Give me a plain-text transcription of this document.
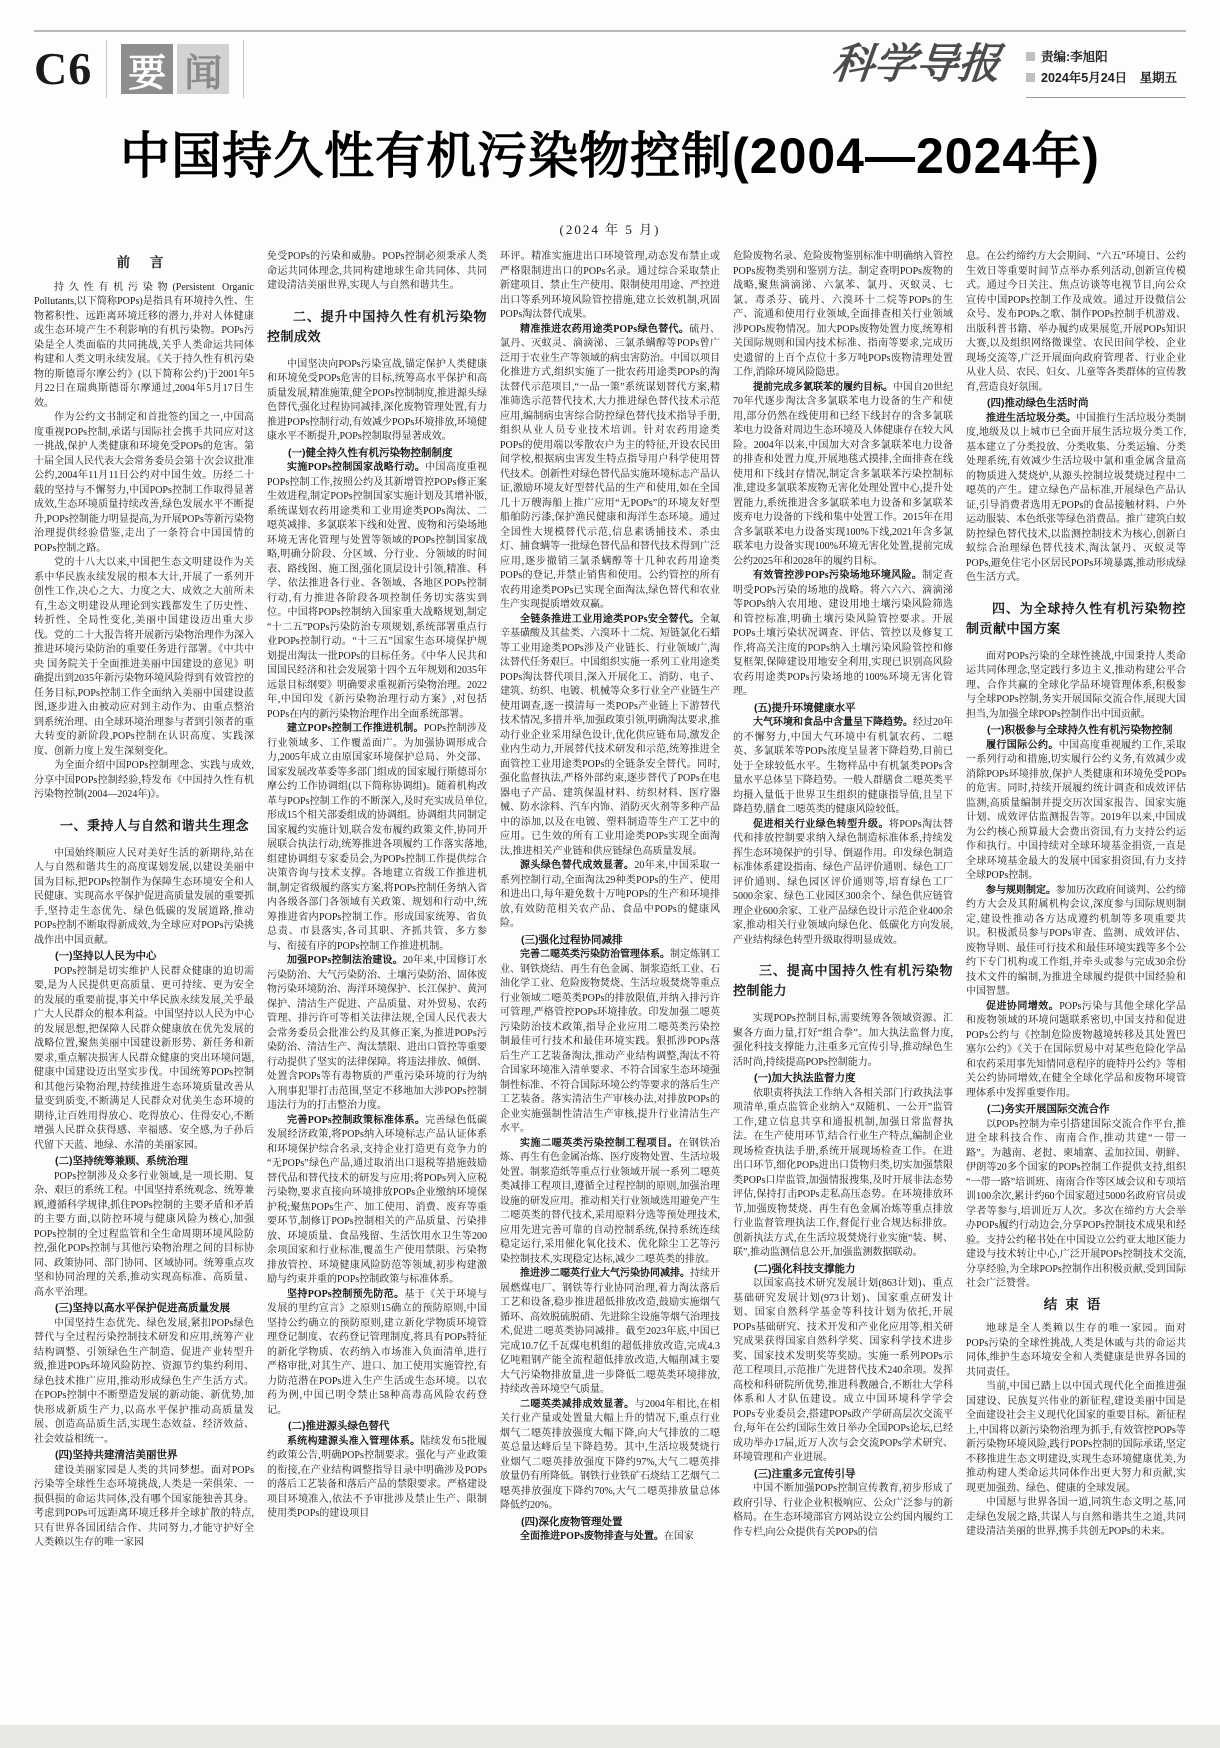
C6 要 闻	科学导报	责编:李旭阳
2024年5月24日　星期五
中国持久性有机污染物控制(2004—2024年)
(2024 年 5 月)
前 言

持久性有机污染物(Persistent Organic Pollutants,以下简称POPs)是指具有环境持久性、生物蓄积性、远距离环境迁移的潜力,并对人体健康或生态环境产生不利影响的有机污染物。POPs污染是全人类面临的共同挑战,关乎人类命运共同体构建和人类文明永续发展。《关于持久性有机污染物的斯德哥尔摩公约》(以下简称公约)于2001年5月22日在瑞典斯德哥尔摩通过,2004年5月17日生效。

作为公约文书制定和首批签约国之一,中国高度重视POPs控制,承诺与国际社会携手共同应对这一挑战,保护人类健康和环境免受POPs的危害。第十届全国人民代表大会常务委员会第十次会议批准公约,2004年11月11日公约对中国生效。历经二十载的坚持与不懈努力,中国POPs控制工作取得显著成效,生态环境质量持续改善,绿色发展水平不断提升,POPs控制能力明显提高,为开展POPs等新污染物治理提供经验借鉴,走出了一条符合中国国情的POPs控制之路。

党的十八大以来,中国把生态文明建设作为关系中华民族永续发展的根本大计,开展了一系列开创性工作,决心之大、力度之大、成效之大前所未有,生态文明建设从理论到实践都发生了历史性、转折性、全局性变化,美丽中国建设迈出重大步伐。党的二十大报告将开展新污染物治理作为深入推进环境污染防治的重要任务进行部署。《中共中央 国务院关于全面推进美丽中国建设的意见》明确提出到2035年新污染物环境风险得到有效管控的任务目标,POPs控制工作全面纳入美丽中国建设蓝图,逐步进入由被动应对到主动作为、由重点整治到系统治理、由全球环境治理参与者到引领者的重大转变的新阶段,POPs控制在认识高度、实践深度、创新力度上发生深刻变化。

为全面介绍中国POPs控制理念、实践与成效,分享中国POPs控制经验,特发布《中国持久性有机污染物控制(2004—2024年)》。

一、秉持人与自然和谐共生理念

中国始终顺应人民对美好生活的新期待,站在人与自然和谐共生的高度谋划发展,以建设美丽中国为目标,把POPs控制作为保障生态环境安全和人民健康、实现高水平保护促进高质量发展的重要抓手,坚持走生态优先、绿色低碳的发展道路,推动POPs控制不断取得新成效,为全球应对POPs污染挑战作出中国贡献。

(一)坚持以人民为中心

POPs控制是切实维护人民群众健康的迫切需要,是为人民提供更高质量、更可持续、更为安全的发展的重要前提,事关中华民族永续发展,关乎最广大人民群众的根本利益。中国坚持以人民为中心的发展思想,把保障人民群众健康放在优先发展的战略位置,聚焦美丽中国建设新形势、新任务和新要求,重点解决损害人民群众健康的突出环境问题,健康中国建设迈出坚实步伐。中国统筹POPs控制和其他污染物治理,持续推进生态环境质量改善从量变到质变,不断满足人民群众对优美生态环境的期待,让百姓用得放心、吃得放心、住得安心,不断增强人民群众获得感、幸福感、安全感,为子孙后代留下天蓝、地绿、水清的美丽家园。

(二)坚持统筹兼顾、系统治理

POPs控制涉及众多行业领域,是一项长期、复杂、艰巨的系统工程。中国坚持系统观念、统筹兼顾,遵循科学规律,抓住POPs控制的主要矛盾和矛盾的主要方面,以防控环境与健康风险为核心,加强POPs控制的全过程监管和全生命周期环境风险防控,强化POPs控制与其他污染物治理之间的目标协同、政策协同、部门协同、区域协同。统筹重点攻坚和协同治理的关系,推动实现高标准、高质量、高水平治理。

(三)坚持以高水平保护促进高质量发展

中国坚持生态优先、绿色发展,紧扣POPs绿色替代与全过程污染控制技术研发和应用,统筹产业结构调整、引领绿色生产制造、促进产业转型升级,推进POPs环境风险防控、资源节约集约利用、绿色技术推广应用,推动形成绿色生产生活方式。在POPs控制中不断塑造发展的新动能、新优势,加快形成新质生产力,以高水平保护推动高质量发展、创造高品质生活,实现生态效益、经济效益、社会效益相统一。

(四)坚持共建清洁美丽世界

建设美丽家园是人类的共同梦想。面对POPs污染等全球性生态环境挑战,人类是一荣俱荣、一损俱损的命运共同体,没有哪个国家能独善其身。考虑到POPs可远距离环境迁移并全球扩散的特点,只有世界各国团结合作、共同努力,才能守护好全人类赖以生存的唯一家园

免受POPs的污染和威胁。POPs控制必须秉承人类命运共同体理念,共同构建地球生命共同体、共同建设清洁美丽世界,实现人与自然和谐共生。

二、提升中国持久性有机污染物控制成效

中国坚决向POPs污染宣战,锚定保护人类健康和环境免受POPs危害的目标,统筹高水平保护和高质量发展,精准施策,健全POPs控制制度,推进源头绿色替代,强化过程协同减排,深化废物管理处置,有力推进POPs控制行动,有效减少POPs环境排放,环境健康水平不断提升,POPs控制取得显著成效。

(一)健全持久性有机污染物控制制度

实施POPs控制国家战略行动。中国高度重视POPs控制工作,按照公约及其新增管控POPs修正案生效进程,制定POPs控制国家实施计划及其增补版,系统谋划农药用途类和工业用途类POPs淘汰、二噁英减排、多氯联苯下线和处置、废物和污染场地环境无害化管理与处置等领域的POPs控制国家战略,明确分阶段、分区域、分行业、分领域的时间表、路线图、施工图,强化顶层设计引领,精准、科学、依法推进各行业、各领域、各地区POPs控制行动,有力推进各阶段各项控制任务切实落实到位。中国将POPs控制纳入国家重大战略规划,制定“十二五”POPs污染防治专项规划,系统部署重点行业POPs控制行动。“十三五”国家生态环境保护规划提出淘汰一批POPs的目标任务。《中华人民共和国国民经济和社会发展第十四个五年规划和2035年远景目标纲要》明确要求重视新污染物治理。2022年,中国印发《新污染物治理行动方案》,对包括POPs在内的新污染物治理作出全面系统部署。

建立POPs控制工作推进机制。POPs控制涉及行业领域多、工作覆盖面广。为加强协调形成合力,2005年成立由原国家环境保护总局、外交部、国家发展改革委等多部门组成的国家履行斯德哥尔摩公约工作协调组(以下简称协调组)。随着机构改革与POPs控制工作的不断深入,及时充实成员单位,形成15个相关部委组成的协调组。协调组共同制定国家履约实施计划,联合发布履约政策文件,协同开展联合执法行动,统筹推进各项履约工作落实落地,组建协调组专家委员会,为POPs控制工作提供综合决策咨询与技术支撑。各地建立省级工作推进机制,制定省级履约落实方案,将POPs控制任务纳入省内各级各部门各领域有关政策、规划和行动中,统筹推进省内POPs控制工作。形成国家统筹、省负总责、市县落实,各司其职、齐抓共管、多方参与、衔接有序的POPs控制工作推进机制。

加强POPs控制法治建设。20年来,中国修订水污染防治、大气污染防治、土壤污染防治、固体废物污染环境防治、海洋环境保护、长江保护、黄河保护、清洁生产促进、产品质量、对外贸易、农药管理、排污许可等相关法律法规,全国人民代表大会常务委员会批准公约及其修正案,为推进POPs污染防治、清洁生产、淘汰禁限、进出口管控等重要行动提供了坚实的法律保障。将违法排放、倾倒、处置含POPs等有毒物质的严重污染环境的行为纳入刑事犯罪打击范围,坚定不移地加大涉POPs控制违法行为的打击整治力度。

完善POPs控制政策标准体系。完善绿色低碳发展经济政策,将POPs纳入环境标志产品认证体系和环境保护综合名录,支持企业打造更有竞争力的“无POPs”绿色产品,通过取消出口退税等措施鼓励替代品和替代技术的研发与应用;将POPs列入应税污染物,要求直接向环境排放POPs企业缴纳环境保护税;聚焦POPs生产、加工使用、消费、废弃等重要环节,制修订POPs控制相关的产品质量、污染排放、环境质量、食品残留、生活饮用水卫生等200余项国家和行业标准,覆盖生产使用禁限、污染物排放管控、环境健康风险防范等领域,初步构建激励与约束并重的POPs控制政策与标准体系。

坚持POPs控制预先防范。基于《关于环境与发展的里约宣言》之原则15确立的预防原则,中国坚持公约确立的预防原则,建立新化学物质环境管理登记制度、农药登记管理制度,将具有POPs特征的新化学物质、农药纳入市场准入负面清单,进行严格审批,对其生产、进口、加工使用实施管控,有力防范潜在POPs进入生产生活或生态环境。以农药为例,中国已明令禁止58种高毒高风险农药登记。

(二)推进源头绿色替代

系统构建源头准入管理体系。陆续发布5批履约政策公告,明确POPs控制要求。强化与产业政策的衔接,在产业结构调整指导目录中明确涉及POPs的落后工艺装备和落后产品的禁限要求。严格建设项目环境准入,依法不予审批涉及禁止生产、限制使用类POPs的建设项目

环评。精准实施进出口环境管理,动态发布禁止或严格限制进出口的POPs名录。通过综合采取禁止新建项目、禁止生产使用、限制使用用途、严控进出口等系列环境风险管控措施,建立长效机制,巩固POPs淘汰替代成果。

精准推进农药用途类POPs绿色替代。硫丹、氯丹、灭蚁灵、滴滴涕、三氯杀螨醇等POPs曾广泛用于农业生产等领域的病虫害防治。中国以项目化推进方式,组织实施了一批农药用途类POPs的淘汰替代示范项目,“一品一策”系统谋划替代方案,精准筛选示范替代技术,大力推进绿色替代技术示范应用,编制病虫害综合防控绿色替代技术指导手册,组织从业人员专业技术培训。针对农药用途类POPs的使用端以零散农户为主的特征,开设农民田间学校,根据病虫害发生特点指导用户科学使用替代技术。创新性对绿色替代品实施环境标志产品认证,激励环境友好型替代品的生产和使用,如在全国几十万艘海船上推广应用“无POPs”的环境友好型船舶防污漆,保护渔民健康和海洋生态环境。通过全国性大规模替代示范,信息素诱捕技术、杀虫灯、捕食螨等一批绿色替代品和替代技术得到广泛应用,逐步撤销三氯杀螨醇等十几种农药用途类POPs的登记,并禁止销售和使用。公约管控的所有农药用途类POPs已实现全面淘汰,绿色替代和农业生产实现提质增效双赢。

全链条推进工业用途类POPs安全替代。全氟辛基磺酸及其盐类、六溴环十二烷、短链氯化石蜡等工业用途类POPs涉及产业链长、行业领域广,淘汰替代任务艰巨。中国组织实施一系列工业用途类POPs淘汰替代项目,深入开展化工、消防、电子、建筑、纺织、电镀、机械等众多行业全产业链生产使用调查,逐一摸清每一类POPs产业链上下游替代技术情况,多措并举,加强政策引领,明确淘汰要求,推动行业企业采用绿色设计,优化供应链布局,激发企业内生动力,开展替代技术研发和示范,统筹推进全面管控工业用途类POPs的全链条安全替代。同时,强化监督执法,严格外部约束,逐步替代了POPs在电器电子产品、建筑保温材料、纺织材料、医疗器械、防水涂料、汽车内饰、消防灭火剂等多种产品中的添加,以及在电镀、塑料制造等生产工艺中的应用。已生效的所有工业用途类POPs实现全面淘汰,推进相关产业链和供应链绿色高质量发展。

源头绿色替代成效显著。20年来,中国采取一系列控制行动,全面淘汰29种类POPs的生产、使用和进出口,每年避免数十万吨POPs的生产和环境排放,有效防范相关农产品、食品中POPs的健康风险。

(三)强化过程协同减排

完善二噁英类污染防治管理体系。制定炼钢工业、钢铁烧结、再生有色金属、制浆造纸工业、石油化学工业、危险废物焚烧、生活垃圾焚烧等重点行业领域二噁英类POPs的排放限值,并纳入排污许可管理,严格管控POPs环境排放。印发加强二噁英污染防治技术政策,指导企业应用二噁英类污染控制最佳可行技术和最佳环境实践。狠抓涉POPs落后生产工艺装备淘汰,推动产业结构调整,淘汰不符合国家环境准入清单要求、不符合国家生态环境强制性标准、不符合国际环境公约等要求的落后生产工艺装备。落实清洁生产审核办法,对排放POPs的企业实施强制性清洁生产审核,提升行业清洁生产水平。

实施二噁英类污染控制工程项目。在钢铁冶炼、再生有色金属冶炼、医疗废物处置、生活垃圾处置、制浆造纸等重点行业领域开展一系列二噁英类减排工程项目,遵循全过程控制的原则,加强治理设施的研发应用。推动相关行业领域选用避免产生二噁英类的替代技术,采用原料分选等预处理技术,应用先进完善可靠的自动控制系统,保持系统连续稳定运行,采用催化氧化技术、优化除尘工艺等污染控制技术,实现稳定达标,减少二噁英类的排放。

推进涉二噁英行业大气污染协同减排。持续开展燃煤电厂、钢铁等行业协同治理,着力淘汰落后工艺和设备,稳步推进超低排放改造,鼓励实施烟气循环、高效脱硫脱硝、先进除尘设施等烟气治理技术,促进二噁英类协同减排。截至2023年底,中国已完成10.7亿千瓦煤电机组的超低排放改造,完成4.3亿吨粗钢产能全流程超低排放改造,大幅削减主要大气污染物排放量,进一步降低二噁英类环境排放,持续改善环境空气质量。

二噁英类减排成效显著。与2004年相比,在相关行业产量或处置量大幅上升的情况下,重点行业烟气二噁英排放强度大幅下降,向大气排放的二噁英总量达峰后呈下降趋势。其中,生活垃圾焚烧行业烟气二噁英排放强度下降约97%,大气二噁英排放量仍有所降低。钢铁行业铁矿石烧结工艺烟气二噁英排放强度下降约70%,大气二噁英排放量总体降低约20%。

(四)深化废物管理处置

全面推进POPs废物排查与处置。在国家

危险废物名录、危险废物鉴别标准中明确纳入管控POPs废物类别和鉴别方法。制定查明POPs废物的战略,聚焦滴滴涕、六氯苯、氯丹、灭蚁灵、七氯、毒杀芬、硫丹、六溴环十二烷等POPs的生产、流通和使用行业领域,全面排查相关行业领域涉POPs废物情况。加大POPs废物处置力度,统筹相关国际规则和国内技术标准、指南等要求,完成历史遗留的上百个点位十多万吨POPs废物清理处置工作,消除环境风险隐患。

提前完成多氯联苯的履约目标。中国自20世纪70年代逐步淘汰含多氯联苯电力设备的生产和使用,部分仍然在线使用和已经下线封存的含多氯联苯电力设备对周边生态环境及人体健康存在较大风险。2004年以来,中国加大对含多氯联苯电力设备的排查和处置力度,开展地毯式摸排,全面排查在线使用和下线封存情况,制定含多氯联苯污染控制标准,建设多氯联苯废物无害化处理处置中心,提升处置能力,系统推进含多氯联苯电力设备和多氯联苯废弃电力设备的下线和集中处置工作。2015年在用含多氯联苯电力设备实现100%下线,2021年含多氯联苯电力设备实现100%环境无害化处置,提前完成公约2025年和2028年的履约目标。

有效管控涉POPs污染场地环境风险。制定查明受POPs污染的场地的战略。将六六六、滴滴涕等POPs纳入农用地、建设用地土壤污染风险筛选和管控标准,明确土壤污染风险管控要求。开展POPs土壤污染状况调查、评估、管控以及修复工作,将高关注度的POPs纳入土壤污染风险管控和修复框架,保障建设用地安全利用,实现已识别高风险农药用途类POPs污染场地的100%环境无害化管理。

(五)提升环境健康水平

大气环境和食品中含量呈下降趋势。经过20年的不懈努力,中国大气环境中有机氯农药、二噁英、多氯联苯等POPs浓度呈显著下降趋势,目前已处于全球较低水平。生物样品中有机氯类POPs含量水平总体呈下降趋势。一般人群膳食二噁英类平均摄入量低于世界卫生组织的健康指导值,且呈下降趋势,膳食二噁英类的健康风险较低。

促进相关行业绿色转型升级。将POPs淘汰替代和排放控制要求纳入绿色制造标准体系,持续发挥生态环境保护的引导、倒逼作用。印发绿色制造标准体系建设指南、绿色产品评价通则、绿色工厂评价通则、绿色园区评价通则等,培育绿色工厂5000余家、绿色工业园区300余个、绿色供应链管理企业600余家、工业产品绿色设计示范企业400余家,推动相关行业领域向绿色化、低碳化方向发展,产业结构绿色转型升级取得明显成效。

三、提高中国持久性有机污染物控制能力

实现POPs控制目标,需要统筹各领域资源、汇聚各方面力量,打好“组合拳”。加大执法监督力度,强化科技支撑能力,注重多元宣传引导,推动绿色生活时尚,持续提高POPs控制能力。

(一)加大执法监督力度

依职责将执法工作纳入各相关部门行政执法事项清单,重点监管企业纳入“双随机、一公开”监管工作,建立信息共享和通报机制,加强日常监督执法。在生产使用环节,结合行业生产特点,编制企业现场检查执法手册,系统开展现场检查工作。在进出口环节,细化POPs进出口货物归类,切实加强禁限类POPs口岸监管,加强情报搜集,及时开展非法态势评估,保持打击POPs走私高压态势。在环境排放环节,加强废物焚烧、再生有色金属冶炼等重点排放行业监督管理执法工作,督促行业合规达标排放。创新执法方式,在生活垃圾焚烧行业实施“装、树、联”,推动监测信息公开,加强监测数据联动。

(二)强化科技支撑能力

以国家高技术研究发展计划(863计划)、重点基础研究发展计划(973计划)、国家重点研发计划、国家自然科学基金等科技计划为依托,开展POPs基础研究、技术开发和产业化应用等,相关研究成果获得国家自然科学奖、国家科学技术进步奖、国家技术发明奖等奖励。实施一系列POPs示范工程项目,示范推广先进替代技术240余项。发挥高校和科研院所优势,推进科教融合,不断壮大学科体系和人才队伍建设。成立中国环境科学学会POPs专业委员会,搭建POPs政产学研高层次交流平台,每年在公约国际生效日举办全国POPs论坛,已经成功举办17届,近万人次与会交流POPs学术研究、环境管理和产业进展。

(三)注重多元宣传引导

中国不断加强POPs控制宣传教育,初步形成了政府引导、行业企业积极响应、公众广泛参与的新格局。在生态环境部官方网站设立公约国内履约工作专栏,向公众提供有关POPs的信

息。在公约缔约方大会期间、“六五”环境日、公约生效日等重要时间节点举办系列活动,创新宣传模式。通过今日关注、焦点访谈等电视节目,向公众宣传中国POPs控制工作及成效。通过开设微信公众号、发布POPs之歌、制作POPs控制手机游戏、出版科普书籍、举办履约成果展览,开展POPs知识大赛,以及组织网络微课堂、农民田间学校、企业现场交流等,广泛开展面向政府管理者、行业企业从业人员、农民、妇女、儿童等各类群体的宣传教育,营造良好氛围。

(四)推动绿色生活时尚

推进生活垃圾分类。中国推行生活垃圾分类制度,地级及以上城市已全面开展生活垃圾分类工作,基本建立了分类投放、分类收集、分类运输、分类处理系统,有效减少生活垃圾中氯和重金属含量高的物质进入焚烧炉,从源头控制垃圾焚烧过程中二噁英的产生。建立绿色产品标准,开展绿色产品认证,引导消费者选用无POPs的食品接触材料、户外运动服装、本色纸张等绿色消费品。推广建筑白蚁防控绿色替代技术,以监测控制技术为核心,创新白蚁综合治理绿色替代技术,淘汰氯丹、灭蚁灵等POPs,避免住宅小区居民POPs环境暴露,推动形成绿色生活方式。

四、为全球持久性有机污染物控制贡献中国方案

面对POPs污染的全球性挑战,中国秉持人类命运共同体理念,坚定践行多边主义,推动构建公平合理、合作共赢的全球化学品环境管理体系,积极参与全球POPs控制,务实开展国际交流合作,展现大国担当,为加强全球POPs控制作出中国贡献。

(一)积极参与全球持久性有机污染物控制

履行国际公约。中国高度重视履约工作,采取一系列行动和措施,切实履行公约义务,有效减少或消除POPs环境排放,保护人类健康和环境免受POPs的危害。同时,持续开展履约统计调查和成效评估监测,高质量编制并提交历次国家报告、国家实施计划、成效评估监测报告等。2019年以来,中国成为公约核心预算最大会费出资国,有力支持公约运作和执行。中国持续对全球环境基金捐资,一直是全球环境基金最大的发展中国家捐资国,有力支持全球POPs控制。

参与规则制定。参加历次政府间谈判、公约缔约方大会及其附属机构会议,深度参与国际规则制定,建设性推动各方达成遵约机制等多项重要共识。积极派员参与POPs审查、监测、成效评估、废物导则、最佳可行技术和最佳环境实践等多个公约下专门机构或工作组,并牵头或参与完成30余份技术文件的编制,为推进全球履约提供中国经验和中国智慧。

促进协同增效。POPs污染与其他全球化学品和废物领域的环境问题联系密切,中国支持和促进POPs公约与《控制危险废物越境转移及其处置巴塞尔公约》《关于在国际贸易中对某些危险化学品和农药采用事先知情同意程序的鹿特丹公约》等相关公约协同增效,在健全全球化学品和废物环境管理体系中发挥重要作用。

(二)务实开展国际交流合作

以POPs控制为牵引搭建国际交流合作平台,推进全球科技合作、南南合作,推动共建“一带一路”。为越南、老挝、柬埔寨、孟加拉国、朝鲜、伊朗等20多个国家的POPs控制工作提供支持,组织“一带一路”培训班、南南合作等区域会议和专项培训100余次,累计约60个国家超过5000名政府官员或学者等参与,培训近万人次。多次在缔约方大会举办POPs履约行动边会,分享POPs控制技术成果和经验。支持公约秘书处在中国设立公约亚太地区能力建设与技术转让中心,广泛开展POPs控制技术交流,分享经验,为全球POPs控制作出积极贡献,受到国际社会广泛赞誉。

结束语

地球是全人类赖以生存的唯一家园。面对POPs污染的全球性挑战,人类是休戚与共的命运共同体,维护生态环境安全和人类健康是世界各国的共同责任。

当前,中国已踏上以中国式现代化全面推进强国建设、民族复兴伟业的新征程,建设美丽中国是全面建设社会主义现代化国家的重要目标。新征程上,中国将以新污染物治理为抓手,有效管控POPs等新污染物环境风险,践行POPs控制的国际承诺,坚定不移推进生态文明建设,实现生态环境健康优美,为推动构建人类命运共同体作出更大努力和贡献,实现更加强劲、绿色、健康的全球发展。

中国愿与世界各国一道,同筑生态文明之基,同走绿色发展之路,共谋人与自然和谐共生之道,共同建设清洁美丽的世界,携手共创无POPs的未来。
